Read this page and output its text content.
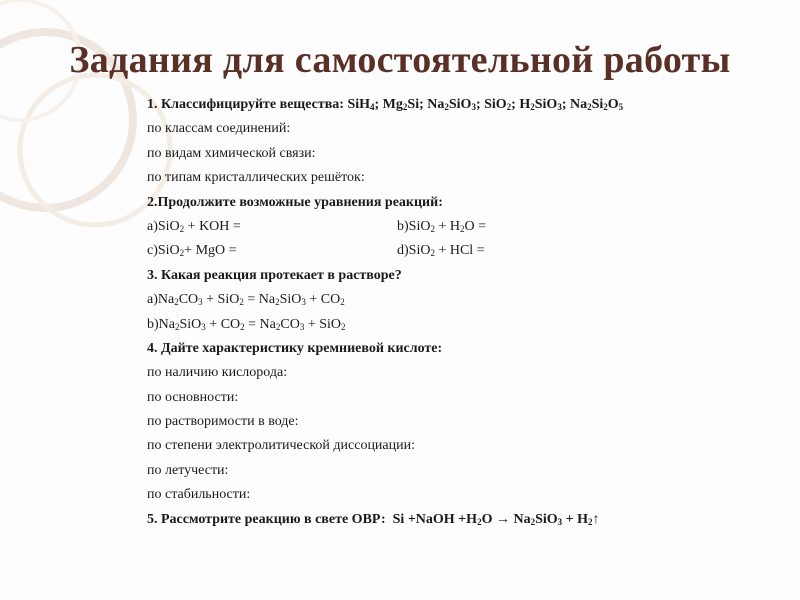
Задания для самостоятельной работы
1. Классифицируйте вещества: SiH$_4$; $Mg_2Si$; $Na_2SiO_3$; SiO$_2$; $H_2SiO_3$; $Na_2Si_2O_5$
по классам соединений:
по видам химической связи:
по типам кристаллических решёток:
2.Продолжите возможные уравнения реакций:
а)SiO$_2$ + KOH =	$b)SiO_2 + H_2O$ =
с)SiO$_2$+ MgO =	d)SiO$_2$ + HCl =
3. Какая реакция протекает в растворе?
$а)Na_2CO_3 + SiO_2 = Na_2SiO_3 + CO_2$
$b)Na_2SiO_3 + CO_2 = Na_2CO_3 + SiO_2$
4. Дайте характеристику кремниевой кислоте:
по наличию кислорода:
по основности:
по растворимости в воде:
по степени электролитической диссоциации:
по летучести:
по стабильности:
5. Рассмотрите реакцию в свете ОВР:  Si +NaOH $+H_2O \to Na_2SiO_3$ + $H_2↑$
